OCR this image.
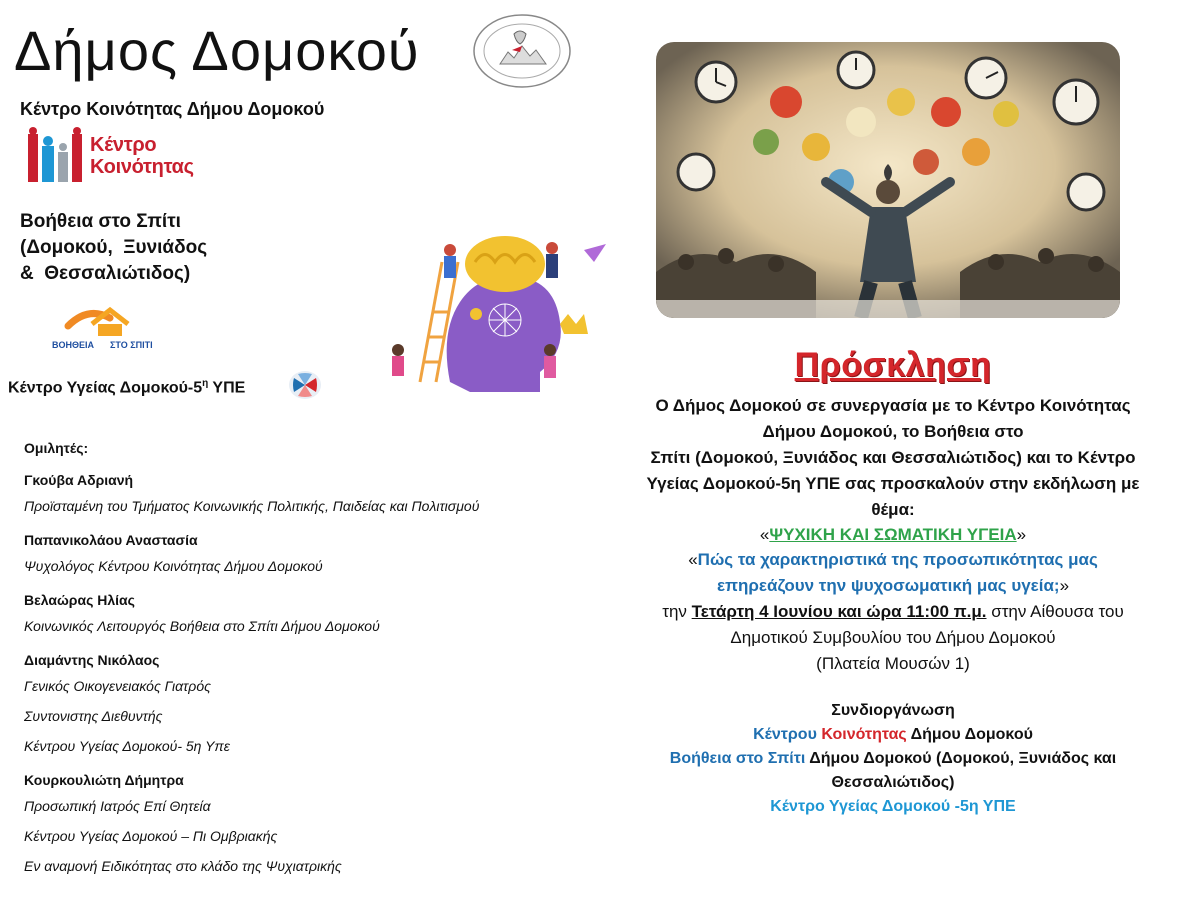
Δήμος Δομοκού
Κέντρο Κοινότητας Δήμου Δομοκού
Κέντρο
Κοινότητας
Βοήθεια στο Σπίτι
(Δομοκού,  Ξυνιάδος
&  Θεσσαλιώτιδος)
ΒΟΗΘΕΙΑ ΣΤΟ ΣΠΙΤΙ
Κέντρο Υγείας Δομοκού-$5^\eta$ ΥΠΕ
Ομιλητές:
Γκούβα Αδριανή
Προϊσταμένη του Τμήματος Κοινωνικής Πολιτικής, Παιδείας και Πολιτισμού
Παπανικολάου Αναστασία
Ψυχολόγος Κέντρου Κοινότητας Δήμου Δομοκού
Βελαώρας Ηλίας
Κοινωνικός Λειτουργός Βοήθεια στο Σπίτι Δήμου Δομοκού
Διαμάντης Νικόλαος
Γενικός Οικογενειακός Γιατρός
Συντονιστης Διεθυντής
Κέντρου Υγείας Δομοκού- 5η Υπε
Κουρκουλιώτη Δήμητρα
Προσωπική Ιατρός Επί Θητεία
Κέντρου Υγείας Δομοκού – Πι Ομβριακής
Εν αναμονή Ειδικότητας στο κλάδο της Ψυχιατρικής
Πρόσκληση
Ο Δήμος Δομοκού σε συνεργασία με το Κέντρο Κοινότητας
Δήμου Δομοκού, το Βοήθεια στο
Σπίτι (Δομοκού, Ξυνιάδος και Θεσσαλιώτιδος) και το Κέντρο
Υγείας Δομοκού-5η ΥΠΕ σας προσκαλούν στην εκδήλωση με
θέμα:
«ΨΥΧΙΚΗ ΚΑΙ ΣΩΜΑΤΙΚΗ ΥΓΕΙΑ»
«Πώς τα χαρακτηριστικά της προσωπικότητας μας
επηρεάζουν την ψυχοσωματική μας υγεία;»
την Τετάρτη 4 Ιουνίου και ώρα 11:00 π.μ. στην Αίθουσα του
Δημοτικού Συμβουλίου του Δήμου Δομοκού
(Πλατεία Μουσών 1)
Συνδιοργάνωση
Κέντρου Κοινότητας Δήμου Δομοκού
Βοήθεια στο Σπίτι Δήμου Δομοκού (Δομοκού, Ξυνιάδος και
Θεσσαλιώτιδος)
Κέντρο Υγείας Δομοκού -5η ΥΠΕ
